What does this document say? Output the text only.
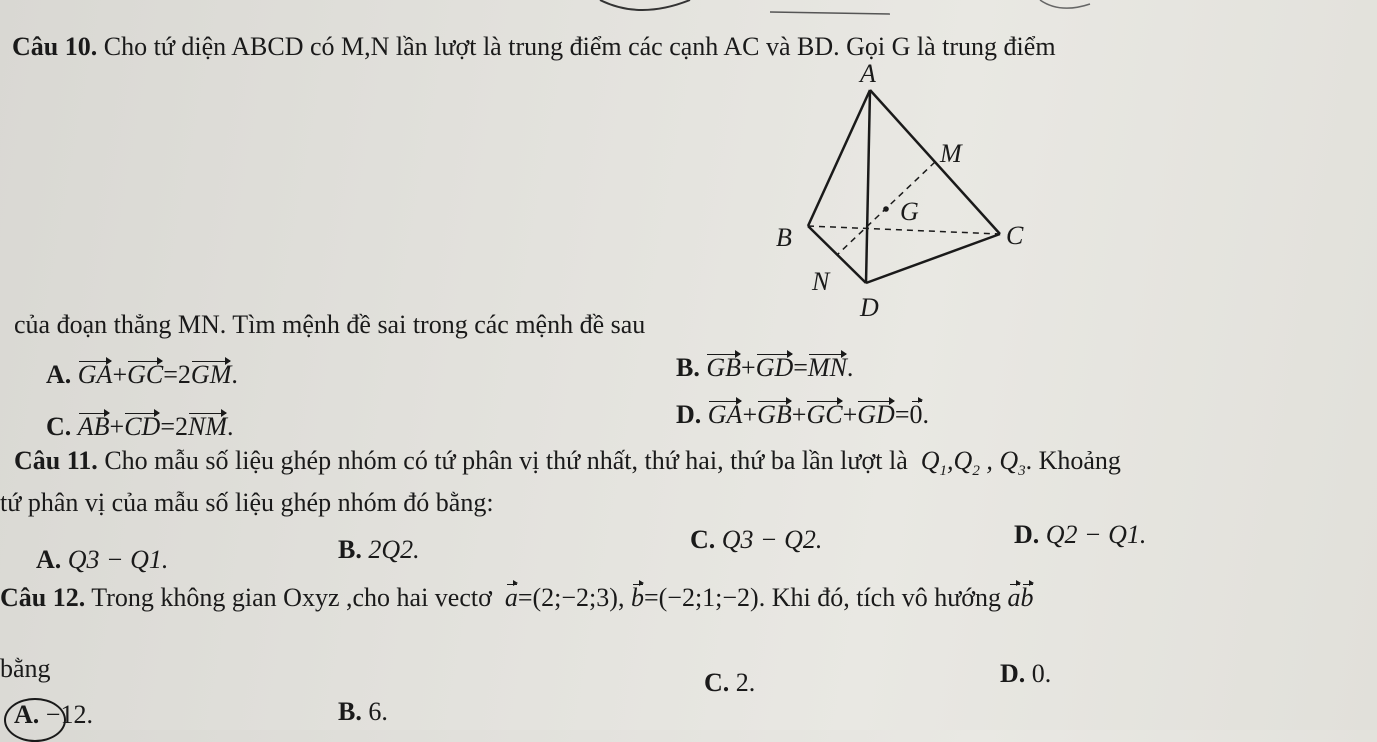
Câu 10. Cho tứ diện ABCD có M,N lần lượt là trung điểm các cạnh AC và BD. Gọi G là trung điểm
của đoạn thẳng MN. Tìm mệnh đề sai trong các mệnh đề sau
A
M
G
B	C
N
D
A. GA+GC=2GM.	B. GB+GD=MN.
C. AB+CD=2NM.	D. GA+GB+GC+GD=0.
Câu 11. Cho mẫu số liệu ghép nhóm có tứ phân vị thứ nhất, thứ hai, thứ ba lần lượt là  $Q_1,Q_2$ , $Q_3$. Khoảng
tứ phân vị của mẫu số liệu ghép nhóm đó bằng:
A. Q3 − Q1.	B. 2Q2.	C. Q3 − Q2.	D. Q2 − Q1.
Câu 12. Trong không gian Oxyz ,cho hai vectơ a=(2;−2;3), b=(−2;1;−2). Khi đó, tích vô hướng ab
bằng
A. −12.	B. 6.
C. 2.	D. 0.
